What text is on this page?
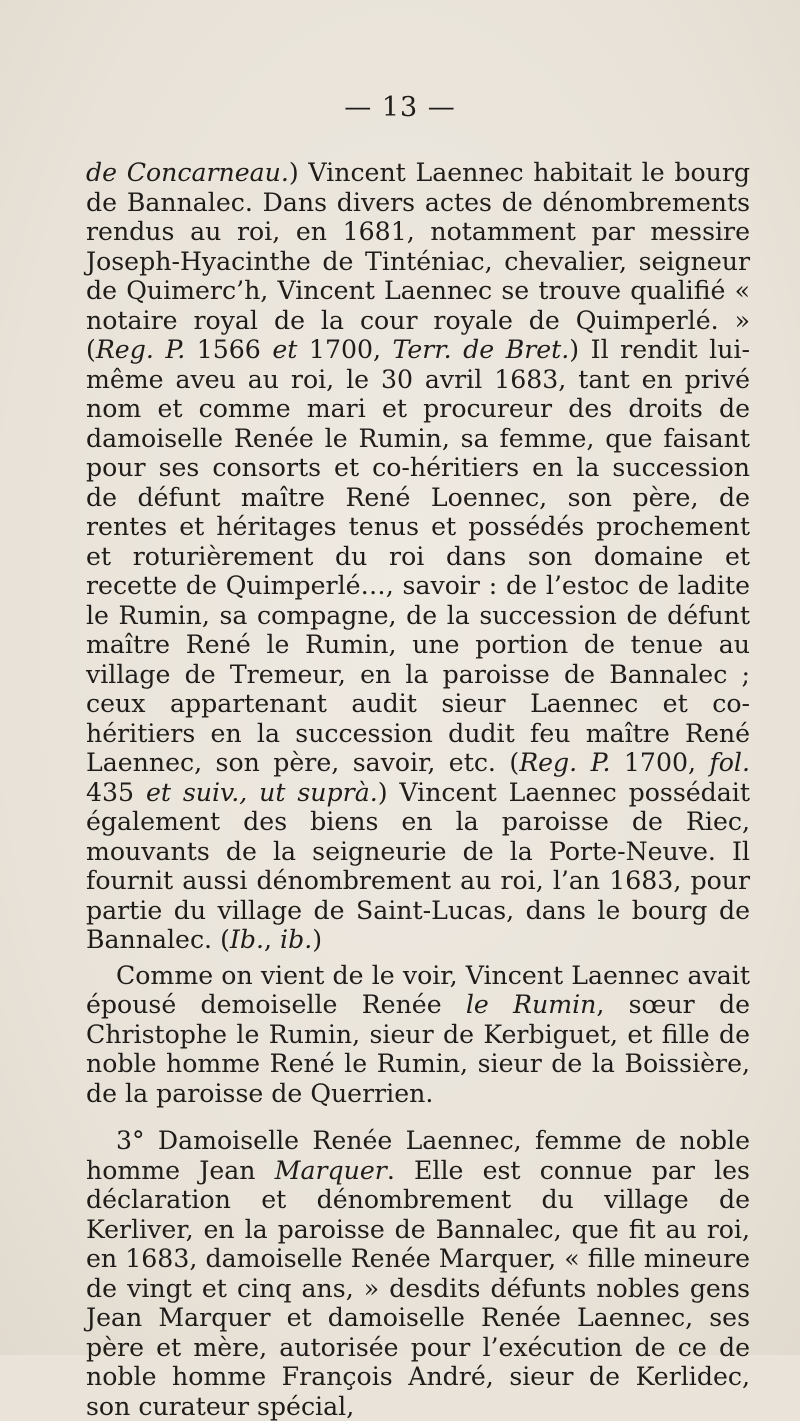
— 13 —

de Concarneau.) Vincent Laennec habitait le bourg de Bannalec. Dans divers actes de dénombrements rendus au roi, en 1681, notamment par messire Joseph-Hyacinthe de Tinténiac, chevalier, seigneur de Quimerc’h, Vincent Laennec se trouve qualifié « notaire royal de la cour royale de Quimperlé. » (Reg. P. 1566 et 1700, Terr. de Bret.) Il rendit lui-même aveu au roi, le 30 avril 1683, tant en privé nom et comme mari et procureur des droits de damoiselle Renée le Rumin, sa femme, que faisant pour ses consorts et co-héritiers en la succession de défunt maître René Loennec, son père, de rentes et héritages tenus et possédés prochement et roturièrement du roi dans son domaine et recette de Quimperlé…, savoir : de l’estoc de ladite le Rumin, sa compagne, de la succession de défunt maître René le Rumin, une portion de tenue au village de Tremeur, en la paroisse de Bannalec ; ceux appartenant audit sieur Laennec et co-héritiers en la succession dudit feu maître René Laennec, son père, savoir, etc. (Reg. P. 1700, fol. 435 et suiv., ut suprà.) Vincent Laennec possédait également des biens en la paroisse de Riec, mouvants de la seigneurie de la Porte-Neuve. Il fournit aussi dénombrement au roi, l’an 1683, pour partie du village de Saint-Lucas, dans le bourg de Bannalec. (Ib., ib.)

Comme on vient de le voir, Vincent Laennec avait épousé demoiselle Renée le Rumin, sœur de Christophe le Rumin, sieur de Kerbiguet, et fille de noble homme René le Rumin, sieur de la Boissière, de la paroisse de Querrien.

3° Damoiselle Renée Laennec, femme de noble homme Jean Marquer. Elle est connue par les déclaration et dénombrement du village de Kerliver, en la paroisse de Bannalec, que fit au roi, en 1683, damoiselle Renée Marquer, « fille mineure de vingt et cinq ans, » desdits défunts nobles gens Jean Marquer et damoiselle Renée Laennec, ses père et mère, autorisée pour l’exécution de ce de noble homme François André, sieur de Kerlidec, son curateur spécial,
